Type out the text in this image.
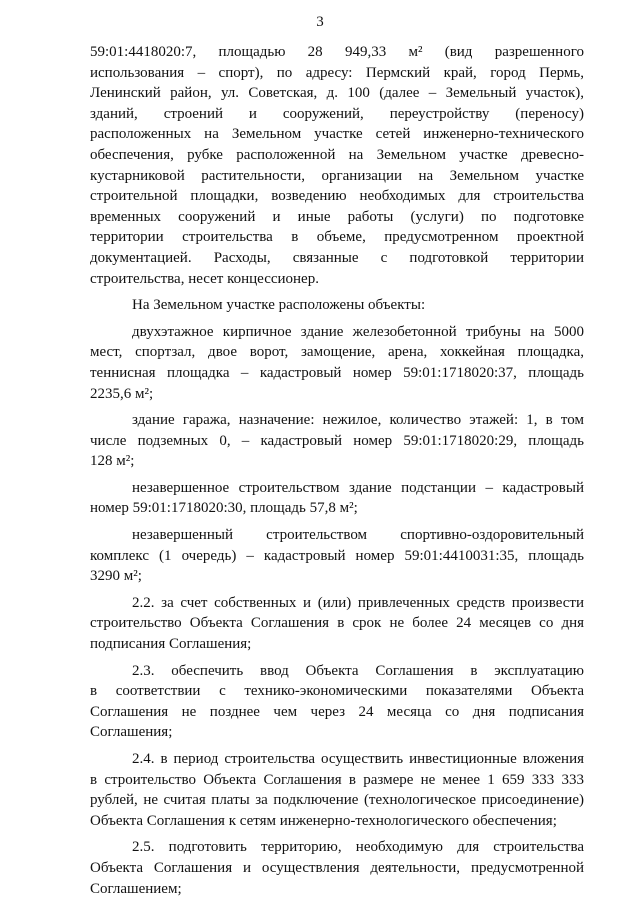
3

59:01:4418020:7, площадью 28 949,33 м² (вид разрешенного
использования – спорт), по адресу: Пермский край, город Пермь,
Ленинский район, ул. Советская, д. 100 (далее – Земельный участок),
зданий, строений и сооружений, переустройству (переносу)
расположенных на Земельном участке сетей инженерно-технического
обеспечения, рубке расположенной на Земельном участке древесно-
кустарниковой растительности, организации на Земельном участке
строительной площадки, возведению необходимых для строительства
временных сооружений и иные работы (услуги) по подготовке
территории строительства в объеме, предусмотренном проектной
документацией. Расходы, связанные с подготовкой территории
строительства, несет концессионер.

На Земельном участке расположены объекты:

двухэтажное кирпичное здание железобетонной трибуны на 5000
мест, спортзал, двое ворот, замощение, арена, хоккейная площадка,
теннисная площадка – кадастровый номер 59:01:1718020:37, площадь
2235,6 м²;

здание гаража, назначение: нежилое, количество этажей: 1, в том
числе подземных 0, – кадастровый номер 59:01:1718020:29, площадь
128 м²;

незавершенное строительством здание подстанции – кадастровый
номер 59:01:1718020:30, площадь 57,8 м²;

незавершенный строительством спортивно-оздоровительный
комплекс (1 очередь) – кадастровый номер 59:01:4410031:35, площадь
3290 м²;

2.2. за счет собственных и (или) привлеченных средств произвести
строительство Объекта Соглашения в срок не более 24 месяцев со дня
подписания Соглашения;

2.3. обеспечить ввод Объекта Соглашения в эксплуатацию
в соответствии с технико-экономическими показателями Объекта
Соглашения не позднее чем через 24 месяца со дня подписания
Соглашения;

2.4. в период строительства осуществить инвестиционные вложения
в строительство Объекта Соглашения в размере не менее 1 659 333 333
рублей, не считая платы за подключение (технологическое присоединение)
Объекта Соглашения к сетям инженерно-технологического обеспечения;

2.5. подготовить территорию, необходимую для строительства
Объекта Соглашения и осуществления деятельности, предусмотренной
Соглашением;
